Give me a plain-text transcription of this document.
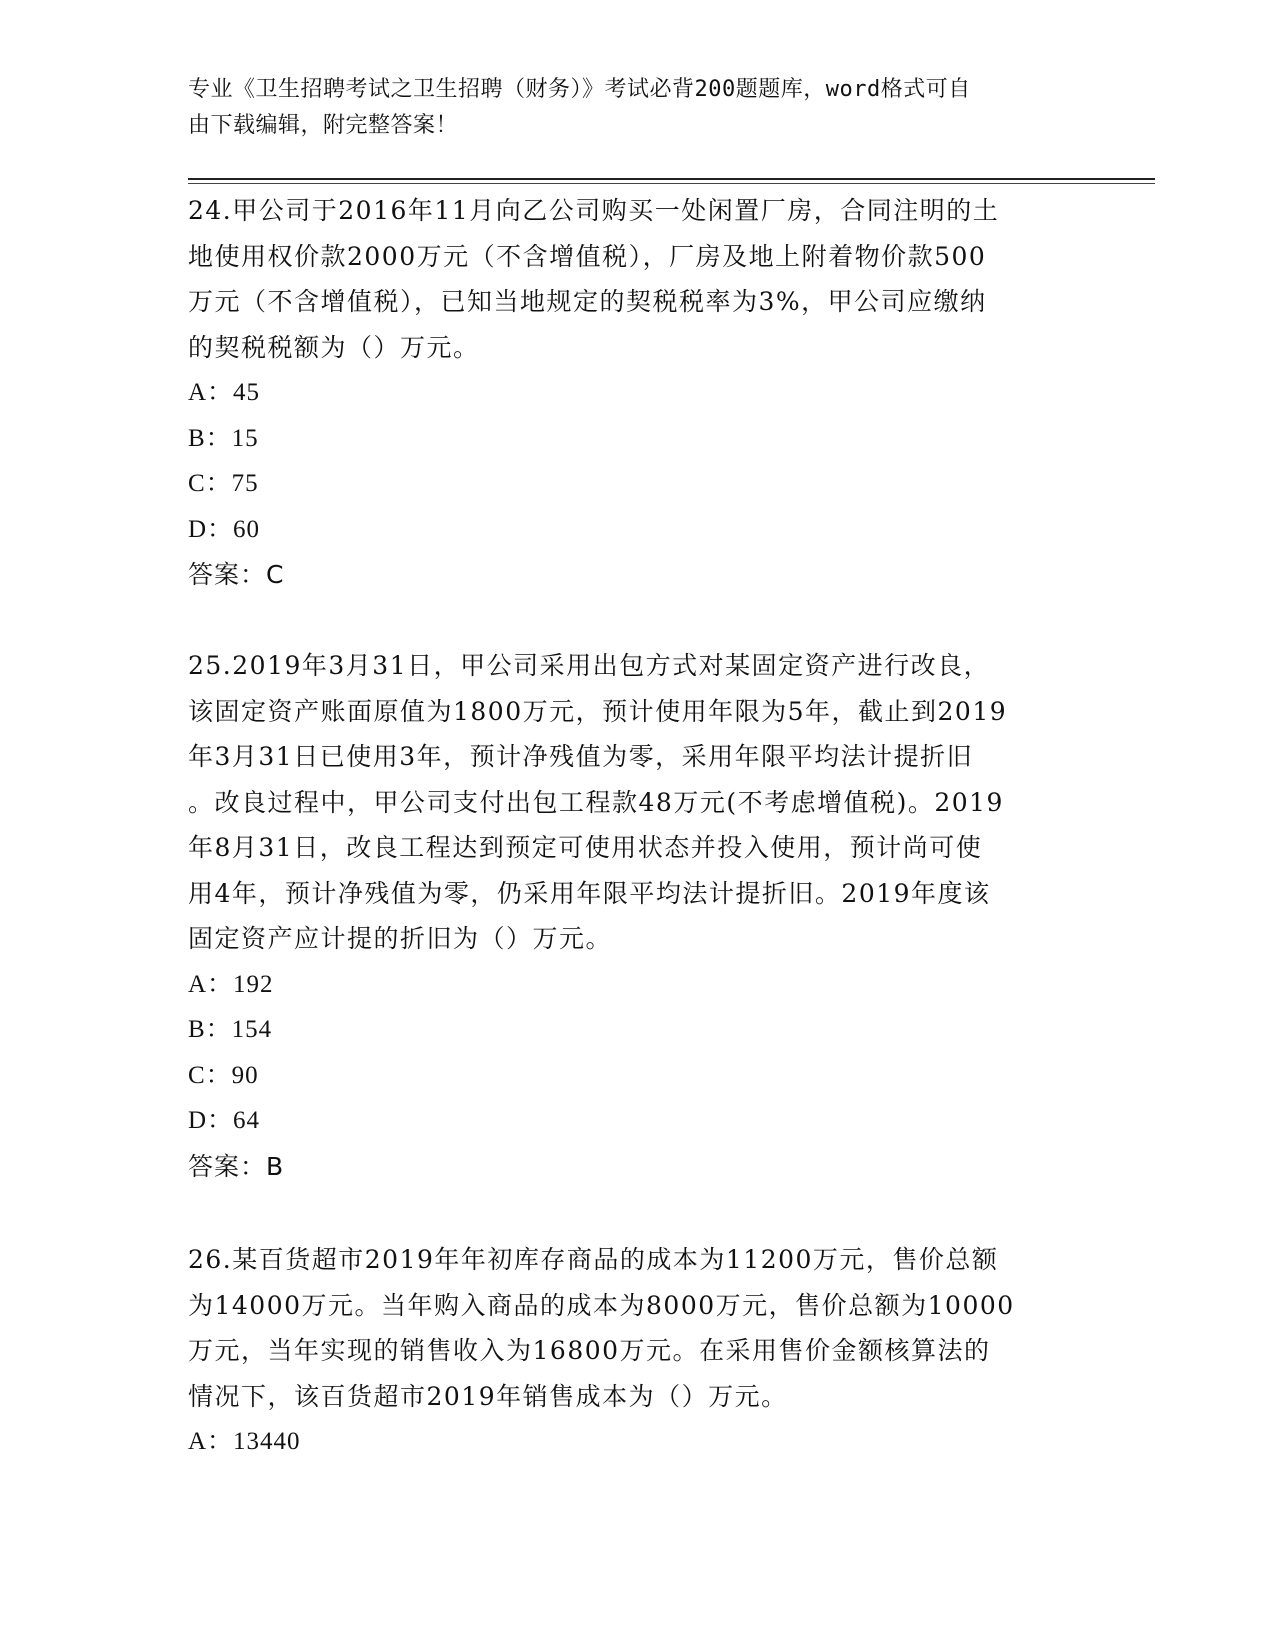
专业《卫生招聘考试之卫生招聘（财务）》考试必背200题题库，word格式可自
由下载编辑，附完整答案！

24.甲公司于2016年11月向乙公司购买一处闲置厂房，合同注明的土

地使用权价款2000万元（不含增值税），厂房及地上附着物价款500

万元（不含增值税），已知当地规定的契税税率为3%，甲公司应缴纳

的契税税额为（）万元。

A：45

B：15

C：75

D：60

答案：C

25.2019年3月31日，甲公司采用出包方式对某固定资产进行改良，

该固定资产账面原值为1800万元，预计使用年限为5年，截止到2019

年3月31日已使用3年，预计净残值为零，采用年限平均法计提折旧

。改良过程中，甲公司支付出包工程款48万元(不考虑增值税)。2019

年8月31日，改良工程达到预定可使用状态并投入使用，预计尚可使

用4年，预计净残值为零，仍采用年限平均法计提折旧。2019年度该

固定资产应计提的折旧为（）万元。

A：192

B：154

C：90

D：64

答案：B

26.某百货超市2019年年初库存商品的成本为11200万元，售价总额

为14000万元。当年购入商品的成本为8000万元，售价总额为10000

万元，当年实现的销售收入为16800万元。在采用售价金额核算法的

情况下，该百货超市2019年销售成本为（）万元。

A：13440
